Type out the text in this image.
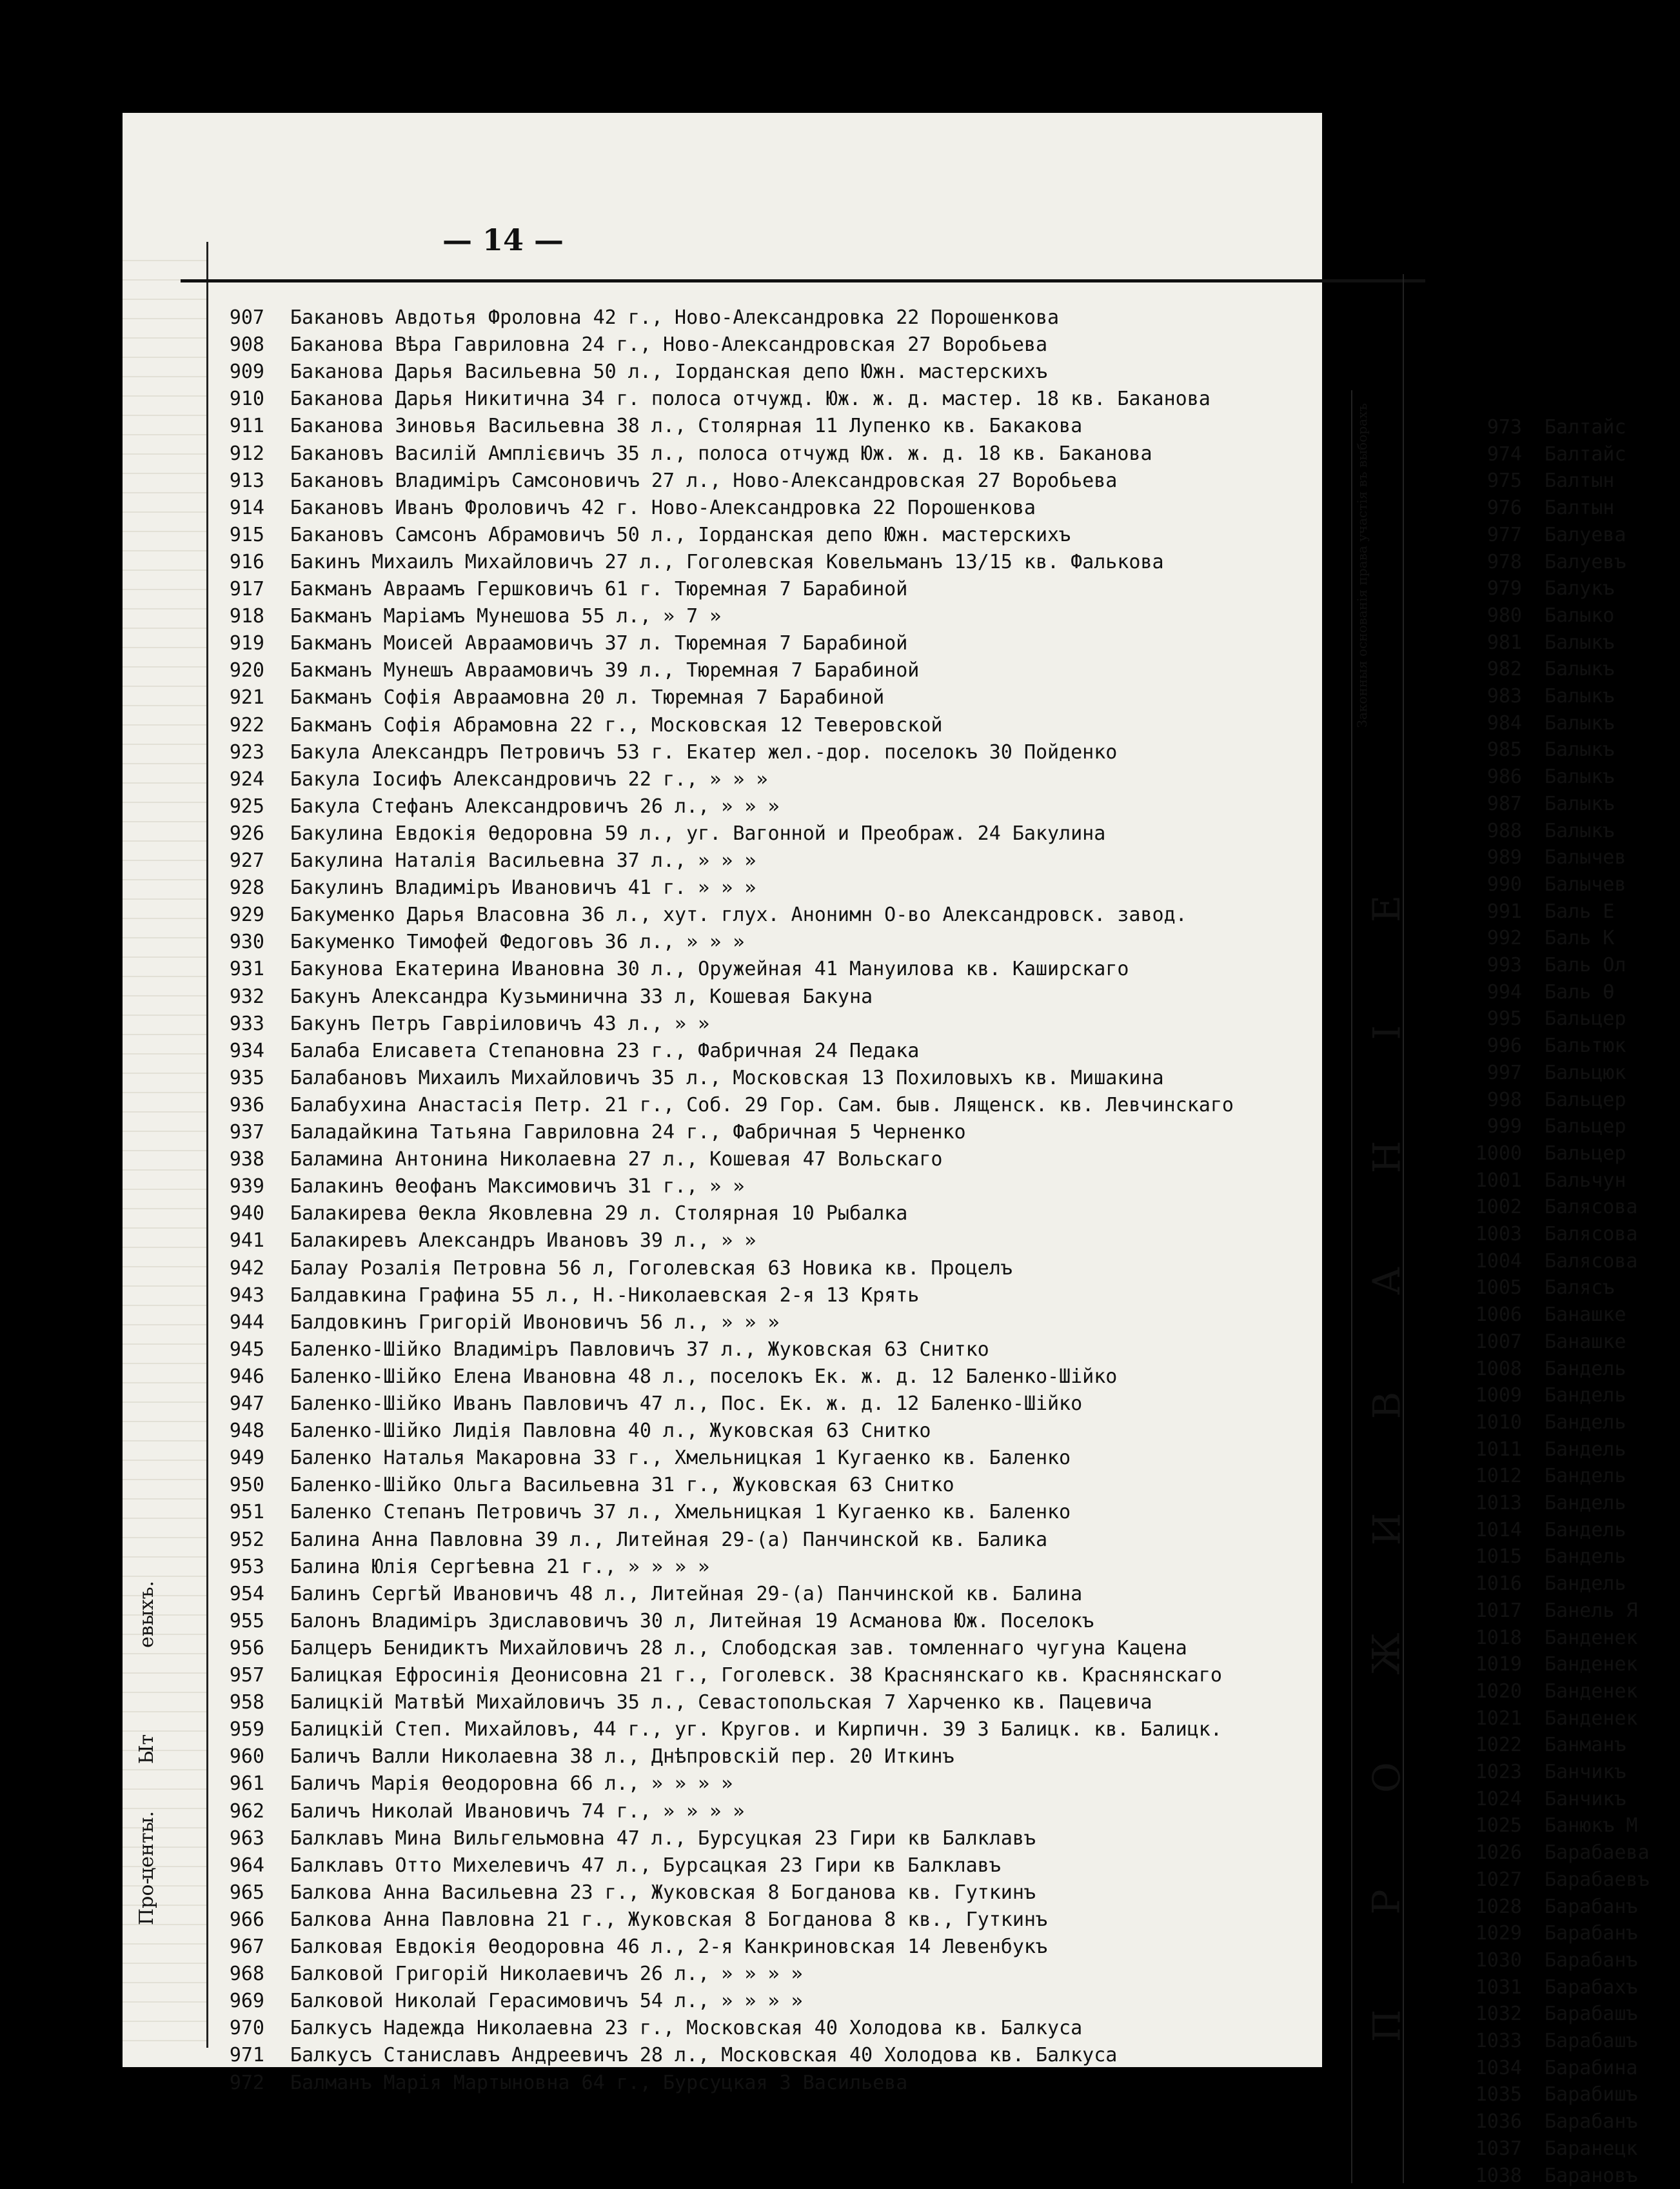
Про-
центы.
Ыт
евыхъ.
— 14 —
Законныя основанія права участія въ выборахъ
Е
І
Н
А
В
И
Ж
О
Р
П
907 Бакановъ Авдотья Фроловна 42 г., Ново-Александровка 22 Порошенкова
908 Баканова Вѣра Гавриловна 24 г., Ново-Александровская 27 Воробьева
909 Баканова Дарья Васильевна 50 л., Іорданская депо Южн. мастерскихъ
910 Баканова Дарья Никитична 34 г. полоса отчужд. Юж. ж. д. мастер. 18 кв. Бакановa
911 Баканова Зиновья Васильевна 38 л., Столярная 11 Лупенко кв. Бакакова
912 Бакановъ Василій Амплієвичъ 35 л., полоса отчужд Юж. ж. д. 18 кв. Бакановa
913 Бакановъ Владиміръ Самсоновичъ 27 л., Ново-Александровская 27 Воробьева
914 Бакановъ Иванъ Фроловичъ 42 г. Ново-Александровка 22 Порошенкова
915 Бакановъ Самсонъ Абрамовичъ 50 л., Іорданская депо Южн. мастерскихъ
916 Бакинъ Михаилъ Михайловичъ 27 л., Гоголевская Ковельманъ 13/15 кв. Фалькова
917 Бакманъ Авраамъ Гершковичъ 61 г. Тюремная 7 Барабиной
918 Бакманъ Маріамъ Мунешова 55 л., » 7 »
919 Бакманъ Моисей Авраамовичъ 37 л. Тюремная 7 Барабиной
920 Бакманъ Мунешъ Авраамовичъ 39 л., Тюремная 7 Барабиной
921 Бакманъ Софія Авраамовна 20 л. Тюремная 7 Барабиной
922 Бакманъ Софія Абрамовна 22 г., Московская 12 Теверовской
923 Бакула Александръ Петровичъ 53 г. Екатер жел.-дор. поселокъ 30 Пойденко
924 Бакула Іосифъ Александровичъ 22 г., » » »
925 Бакула Стефанъ Александровичъ 26 л., » » »
926 Бакулина Евдокія Өедоровна 59 л., уг. Вагонной и Преображ. 24 Бакулина
927 Бакулина Наталія Васильевна 37 л., » » »
928 Бакулинъ Владиміръ Ивановичъ 41 г. » » »
929 Бакуменко Дарья Власовна 36 л., хут. глух. Анонимн О-во Александровск. завод.
930 Бакуменко Тимофей Федоговъ 36 л., » » »
931 Бакунова Екатерина Ивановна 30 л., Оружейная 41 Мануилова кв. Каширскаго
932 Бакунъ Александра Кузьминична 33 л, Кошевая Бакуна
933 Бакунъ Петръ Гавріиловичъ 43 л., » »
934 Балаба Елисавета Степановна 23 г., Фабричная 24 Педака
935 Балабановъ Михаилъ Михайловичъ 35 л., Московская 13 Похиловыхъ кв. Мишакина
936 Балабухина Анастасія Петр. 21 г., Соб. 29 Гор. Сам. быв. Лященск. кв. Левчинскаго
937 Баладайкина Татьяна Гавриловна 24 г., Фабричная 5 Черненко
938 Баламина Антонина Николаевна 27 л., Кошевая 47 Вольскаго
939 Балакинъ Өеофанъ Максимовичъ 31 г., » »
940 Балакирева Өекла Яковлевна 29 л. Столярная 10 Рыбалка
941 Балакиревъ Александръ Ивановъ 39 л., » »
942 Балау Розалія Петровна 56 л, Гоголевская 63 Новика кв. Процелъ
943 Балдавкина Графина 55 л., Н.-Николаевская 2-я 13 Крять
944 Балдовкинъ Григорій Ивоновичъ 56 л., » » »
945 Баленко-Шійко Владиміръ Павловичъ 37 л., Жуковская 63 Снитко
946 Баленко-Шійко Елена Ивановна 48 л., поселокъ Ек. ж. д. 12 Баленко-Шійко
947 Баленко-Шійко Иванъ Павловичъ 47 л., Пос. Ек. ж. д. 12 Баленко-Шійко
948 Баленко-Шійко Лидія Павловна 40 л., Жуковская 63 Снитко
949 Баленко Наталья Макаровна 33 г., Хмельницкая 1 Кугаенко кв. Баленко
950 Баленко-Шійко Ольга Васильевна 31 г., Жуковская 63 Снитко
951 Баленко Степанъ Петровичъ 37 л., Хмельницкая 1 Кугаенко кв. Баленко
952 Балина Анна Павловна 39 л., Литейная 29-(а) Панчинской кв. Балика
953 Балина Юлія Сергѣевна 21 г., » » » »
954 Балинъ Сергѣй Ивановичъ 48 л., Литейная 29-(а) Панчинской кв. Балина
955 Балонъ Владиміръ Здиславовичъ 30 л, Литейная 19 Асманова Юж. Поселокъ
956 Балцеръ Бенидиктъ Михайловичъ 28 л., Слободская зав. томленнаго чугуна Кацена
957 Балицкая Ефросинія Деонисовна 21 г., Гоголевск. 38 Краснянскаго кв. Краснянскаго
958 Балицкій Матвѣй Михайловичъ 35 л., Севастопольская 7 Харченко кв. Пацевича
959 Балицкій Степ. Михайловъ, 44 г., уг. Кругов. и Кирпичн. 39 3 Балицк. кв. Балицк.
960 Баличъ Валли Николаевна 38 л., Днѣпровскій пер. 20 Иткинъ
961 Баличъ Марія Өеодоровна 66 л., » » » »
962 Баличъ Николай Ивановичъ 74 г., » » » »
963 Балклавъ Мина Вильгельмовна 47 л., Бурсуцкая 23 Гири кв Балклавъ
964 Балклавъ Отто Михелевичъ 47 л., Бурсацкая 23 Гири кв Балклавъ
965 Балкова Анна Васильевна 23 г., Жуковская 8 Богданова кв. Гуткинъ
966 Балкова Анна Павловна 21 г., Жуковская 8 Богданова 8 кв., Гуткинъ
967 Балковая Евдокія Өеодоровна 46 л., 2-я Канкриновская 14 Левенбукъ
968 Балковой Григорій Николаевичъ 26 л., » » » »
969 Балковой Николай Герасимовичъ 54 л., » » » »
970 Балкусъ Надежда Николаевна 23 г., Московская 40 Холодова кв. Балкуса
971 Балкусъ Станиславъ Андреевичъ 28 л., Московская 40 Холодова кв. Балкуса
972 Балманъ Марія Мартыновна 64 г., Бурсуцкая 3 Васильева
973 Балтайс
974 Балтайс
975 Балтын
976 Балтын
977 Балуева
978 Балуевъ
979 Балукъ
980 Балыко
981 Балыкъ
982 Балыкъ
983 Балыкъ
984 Балыкъ
985 Балыкъ
986 Балыкъ
987 Балыкъ
988 Балыкъ
989 Балычев
990 Балычев
991 Баль Е
992 Баль К
993 Баль Ол
994 Баль Ѳ
995 Бальцер
996 Бальтюк
997 Бальцюк
998 Бальцер
999 Бальцер
1000 Бальцер
1001 Бальчун
1002 Балясова
1003 Балясова
1004 Балясова
1005 Балясъ
1006 Банашке
1007 Банашке
1008 Бандель
1009 Бандель
1010 Бандель
1011 Бандель
1012 Бандель
1013 Бандель
1014 Бандель
1015 Бандель
1016 Бандель
1017 Банель Я
1018 Банденек
1019 Банденек
1020 Банденек
1021 Банденек
1022 Банманъ
1023 Банчикъ
1024 Банчикъ
1025 Банюкъ М
1026 Барабаева
1027 Барабаевъ
1028 Барабанъ
1029 Барабанъ
1030 Барабанъ
1031 Барабахъ
1032 Барабашъ
1033 Барабашъ
1034 Барабина
1035 Барабишъ
1036 Барабанъ
1037 Баранецк
1038 Барановъ
